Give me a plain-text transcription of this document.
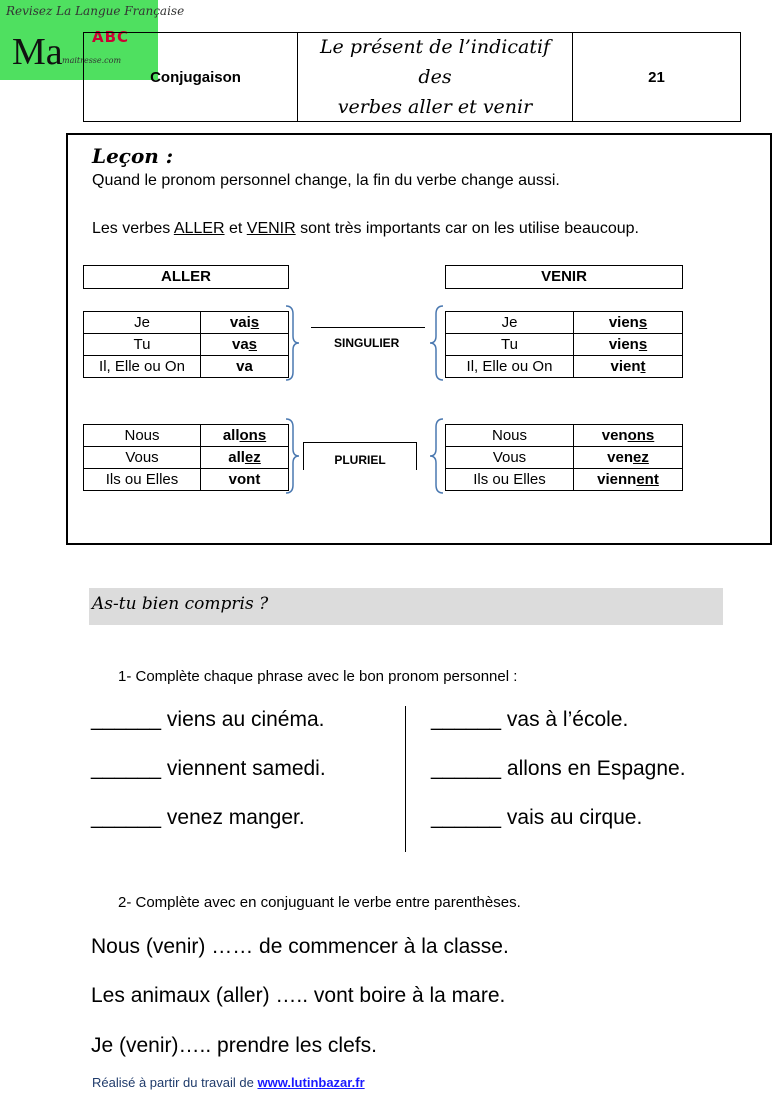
Revisez La Langue Française
Ma ABC
maitresse.com
Conjugaison
Le présent de l’indicatif des
verbes aller et venir
21
Leçon :
Quand le pronom personnel change, la fin du verbe change aussi.
Les verbes ALLER et VENIR sont très importants car on les utilise beaucoup.
ALLER	VENIR
Je	vais
Tu	vas
Il, Elle ou On	va
Nous	allons
Vous	allez
Ils ou Elles	vont
Je	viens
Tu	viens
Il, Elle ou On	vient
Nous	venons
Vous	venez
Ils ou Elles	viennent
SINGULIER
PLURIEL
As-tu bien compris ?
1- Complète chaque phrase avec le bon pronom personnel :
______ viens au cinéma.
______ viennent samedi.
______ venez manger.
______ vas à l’école.
______ allons en Espagne.
______ vais au cirque.
2- Complète avec en conjuguant le verbe entre parenthèses.
Nous (venir) …… de commencer à la classe.
Les animaux (aller) ….. vont boire à la mare.
Je (venir)….. prendre les clefs.
Réalisé à partir du travail de www.lutinbazar.fr
